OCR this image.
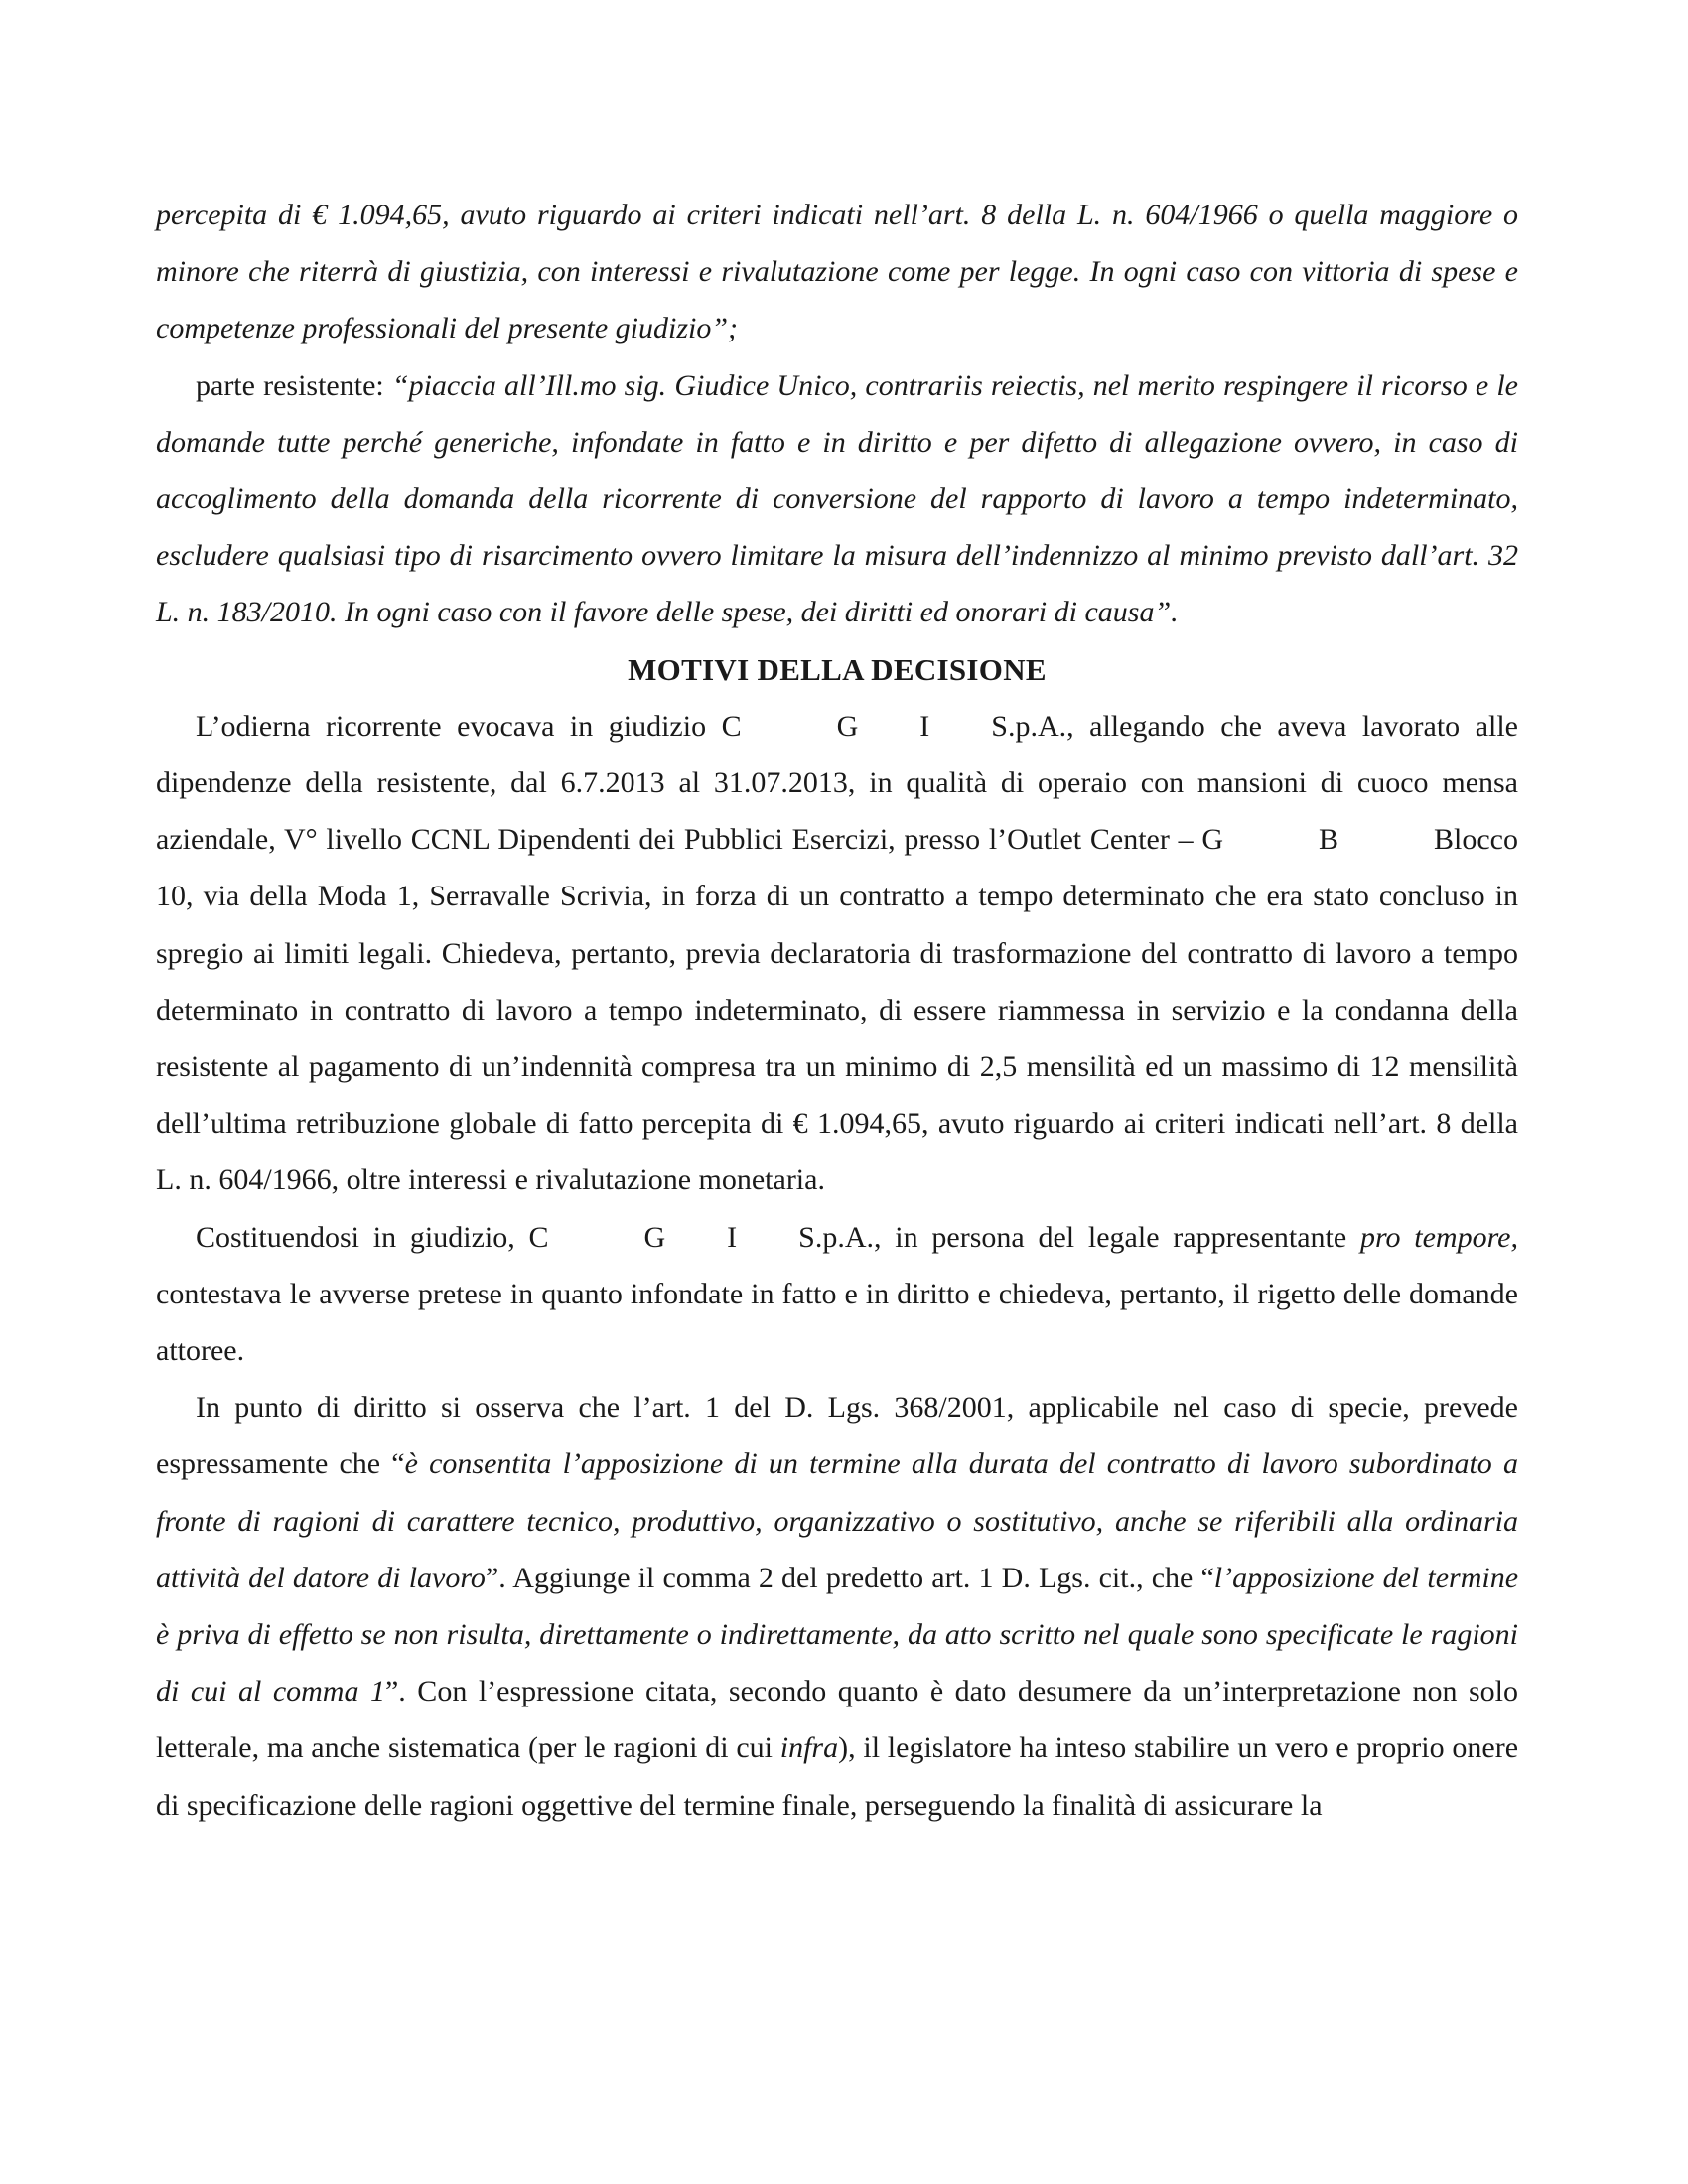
percepita di € 1.094,65, avuto riguardo ai criteri indicati nell’art. 8 della L. n. 604/1966 o quella maggiore o minore che riterrà di giustizia, con interessi e rivalutazione come per legge. In ogni caso con vittoria di spese e competenze professionali del presente giudizio”;

parte resistente: “piaccia all’Ill.mo sig. Giudice Unico, contrariis reiectis, nel merito respingere il ricorso e le domande tutte perché generiche, infondate in fatto e in diritto e per difetto di allegazione ovvero, in caso di accoglimento della domanda della ricorrente di conversione del rapporto di lavoro a tempo indeterminato, escludere qualsiasi tipo di risarcimento ovvero limitare la misura dell’indennizzo al minimo previsto dall’art. 32 L. n. 183/2010. In ogni caso con il favore delle spese, dei diritti ed onorari di causa”.

MOTIVI DELLA DECISIONE

L’odierna ricorrente evocava in giudizio C	G I S.p.A., allegando che aveva lavorato alle dipendenze della resistente, dal 6.7.2013 al 31.07.2013, in qualità di operaio con mansioni di cuoco mensa aziendale, V° livello CCNL Dipendenti dei Pubblici Esercizi, presso l’Outlet Center – G	B	Blocco 10, via della Moda 1, Serravalle Scrivia, in forza di un contratto a tempo determinato che era stato concluso in spregio ai limiti legali. Chiedeva, pertanto, previa declaratoria di trasformazione del contratto di lavoro a tempo determinato in contratto di lavoro a tempo indeterminato, di essere riammessa in servizio e la condanna della resistente al pagamento di un’indennità compresa tra un minimo di 2,5 mensilità ed un massimo di 12 mensilità dell’ultima retribuzione globale di fatto percepita di € 1.094,65, avuto riguardo ai criteri indicati nell’art. 8 della L. n. 604/1966, oltre interessi e rivalutazione monetaria.

Costituendosi in giudizio, C	G I S.p.A., in persona del legale rappresentante pro tempore, contestava le avverse pretese in quanto infondate in fatto e in diritto e chiedeva, pertanto, il rigetto delle domande attoree.

In punto di diritto si osserva che l’art. 1 del D. Lgs. 368/2001, applicabile nel caso di specie, prevede espressamente che “è consentita l’apposizione di un termine alla durata del contratto di lavoro subordinato a fronte di ragioni di carattere tecnico, produttivo, organizzativo o sostitutivo, anche se riferibili alla ordinaria attività del datore di lavoro”. Aggiunge il comma 2 del predetto art. 1 D. Lgs. cit., che “l’apposizione del termine è priva di effetto se non risulta, direttamente o indirettamente, da atto scritto nel quale sono specificate le ragioni di cui al comma 1”. Con l’espressione citata, secondo quanto è dato desumere da un’interpretazione non solo letterale, ma anche sistematica (per le ragioni di cui infra), il legislatore ha inteso stabilire un vero e proprio onere di specificazione delle ragioni oggettive del termine finale, perseguendo la finalità di assicurare la
